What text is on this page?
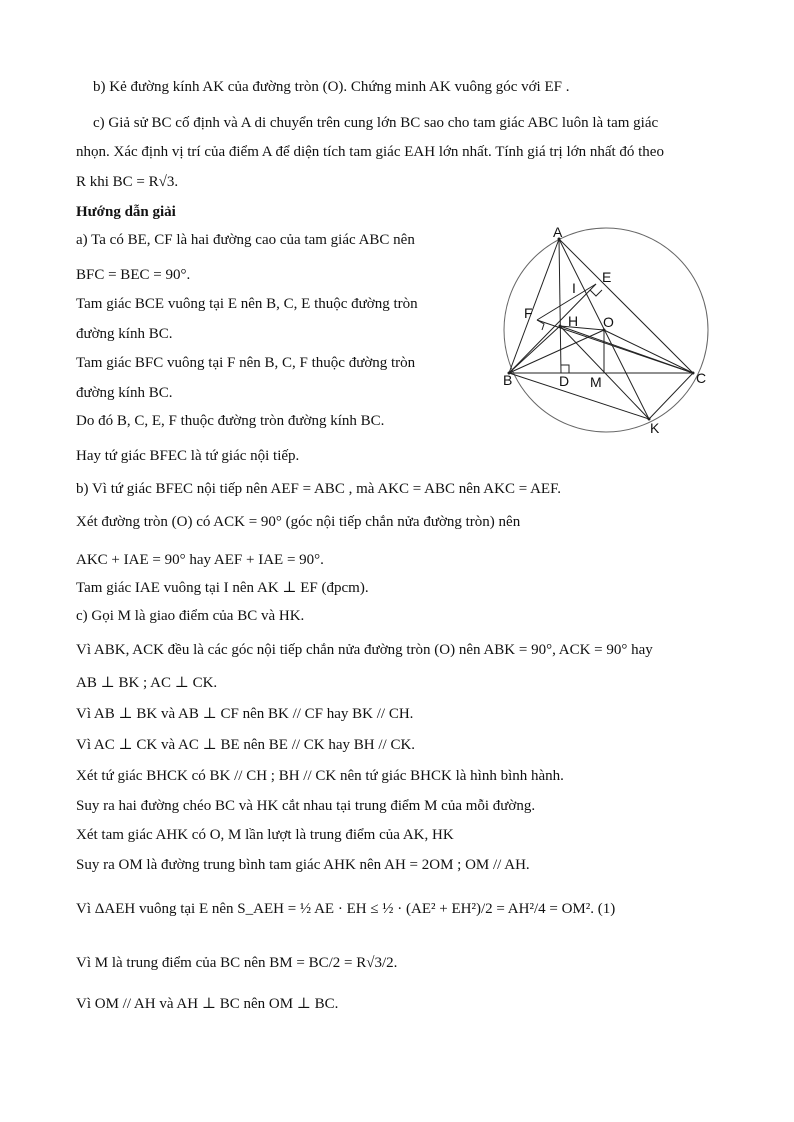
b) Kẻ đường kính AK của đường tròn (O). Chứng minh AK vuông góc với EF .
c) Giả sử BC cố định và A di chuyển trên cung lớn BC sao cho tam giác ABC luôn là tam giác
nhọn. Xác định vị trí của điểm A để diện tích tam giác EAH lớn nhất. Tính giá trị lớn nhất đó theo
R khi BC = R√3.
Hướng dẫn giải
a) Ta có BE, CF là hai đường cao của tam giác ABC nên
BFC = BEC = 90°.
Tam giác BCE vuông tại E nên B, C, E thuộc đường tròn
đường kính BC.
Tam giác BFC vuông tại F nên B, C, F thuộc đường tròn
đường kính BC.
Do đó B, C, E, F thuộc đường tròn đường kính BC.
Hay tứ giác BFEC là tứ giác nội tiếp.
b) Vì tứ giác BFEC nội tiếp nên AEF = ABC , mà AKC = ABC nên AKC = AEF.
Xét đường tròn (O) có ACK = 90° (góc nội tiếp chắn nửa đường tròn) nên
AKC + IAE = 90° hay AEF + IAE = 90°.
Tam giác IAE vuông tại I nên AK ⊥ EF (đpcm).
c) Gọi M là giao điểm của BC và HK.
Vì ABK, ACK đều là các góc nội tiếp chắn nửa đường tròn (O) nên ABK = 90°, ACK = 90° hay
AB ⊥ BK ; AC ⊥ CK.
Vì AB ⊥ BK và AB ⊥ CF nên BK // CF hay BK // CH.
Vì AC ⊥ CK và AC ⊥ BE nên BE // CK hay BH // CK.
Xét tứ giác BHCK có BK // CH ; BH // CK nên tứ giác BHCK là hình bình hành.
Suy ra hai đường chéo BC và HK cắt nhau tại trung điểm M của mỗi đường.
Xét tam giác AHK có O, M lần lượt là trung điểm của AK, HK
Suy ra OM là đường trung bình tam giác AHK nên AH = 2OM ; OM // AH.
Vì ΔAEH vuông tại E nên S_AEH = ½ AE · EH ≤ ½ · (AE² + EH²)/2 = AH²/4 = OM². (1)
Vì M là trung điểm của BC nên BM = BC/2 = R√3/2.
Vì OM // AH và AH ⊥ BC nên OM ⊥ BC.
A
E
I
F	H O
B	D M	C
K
